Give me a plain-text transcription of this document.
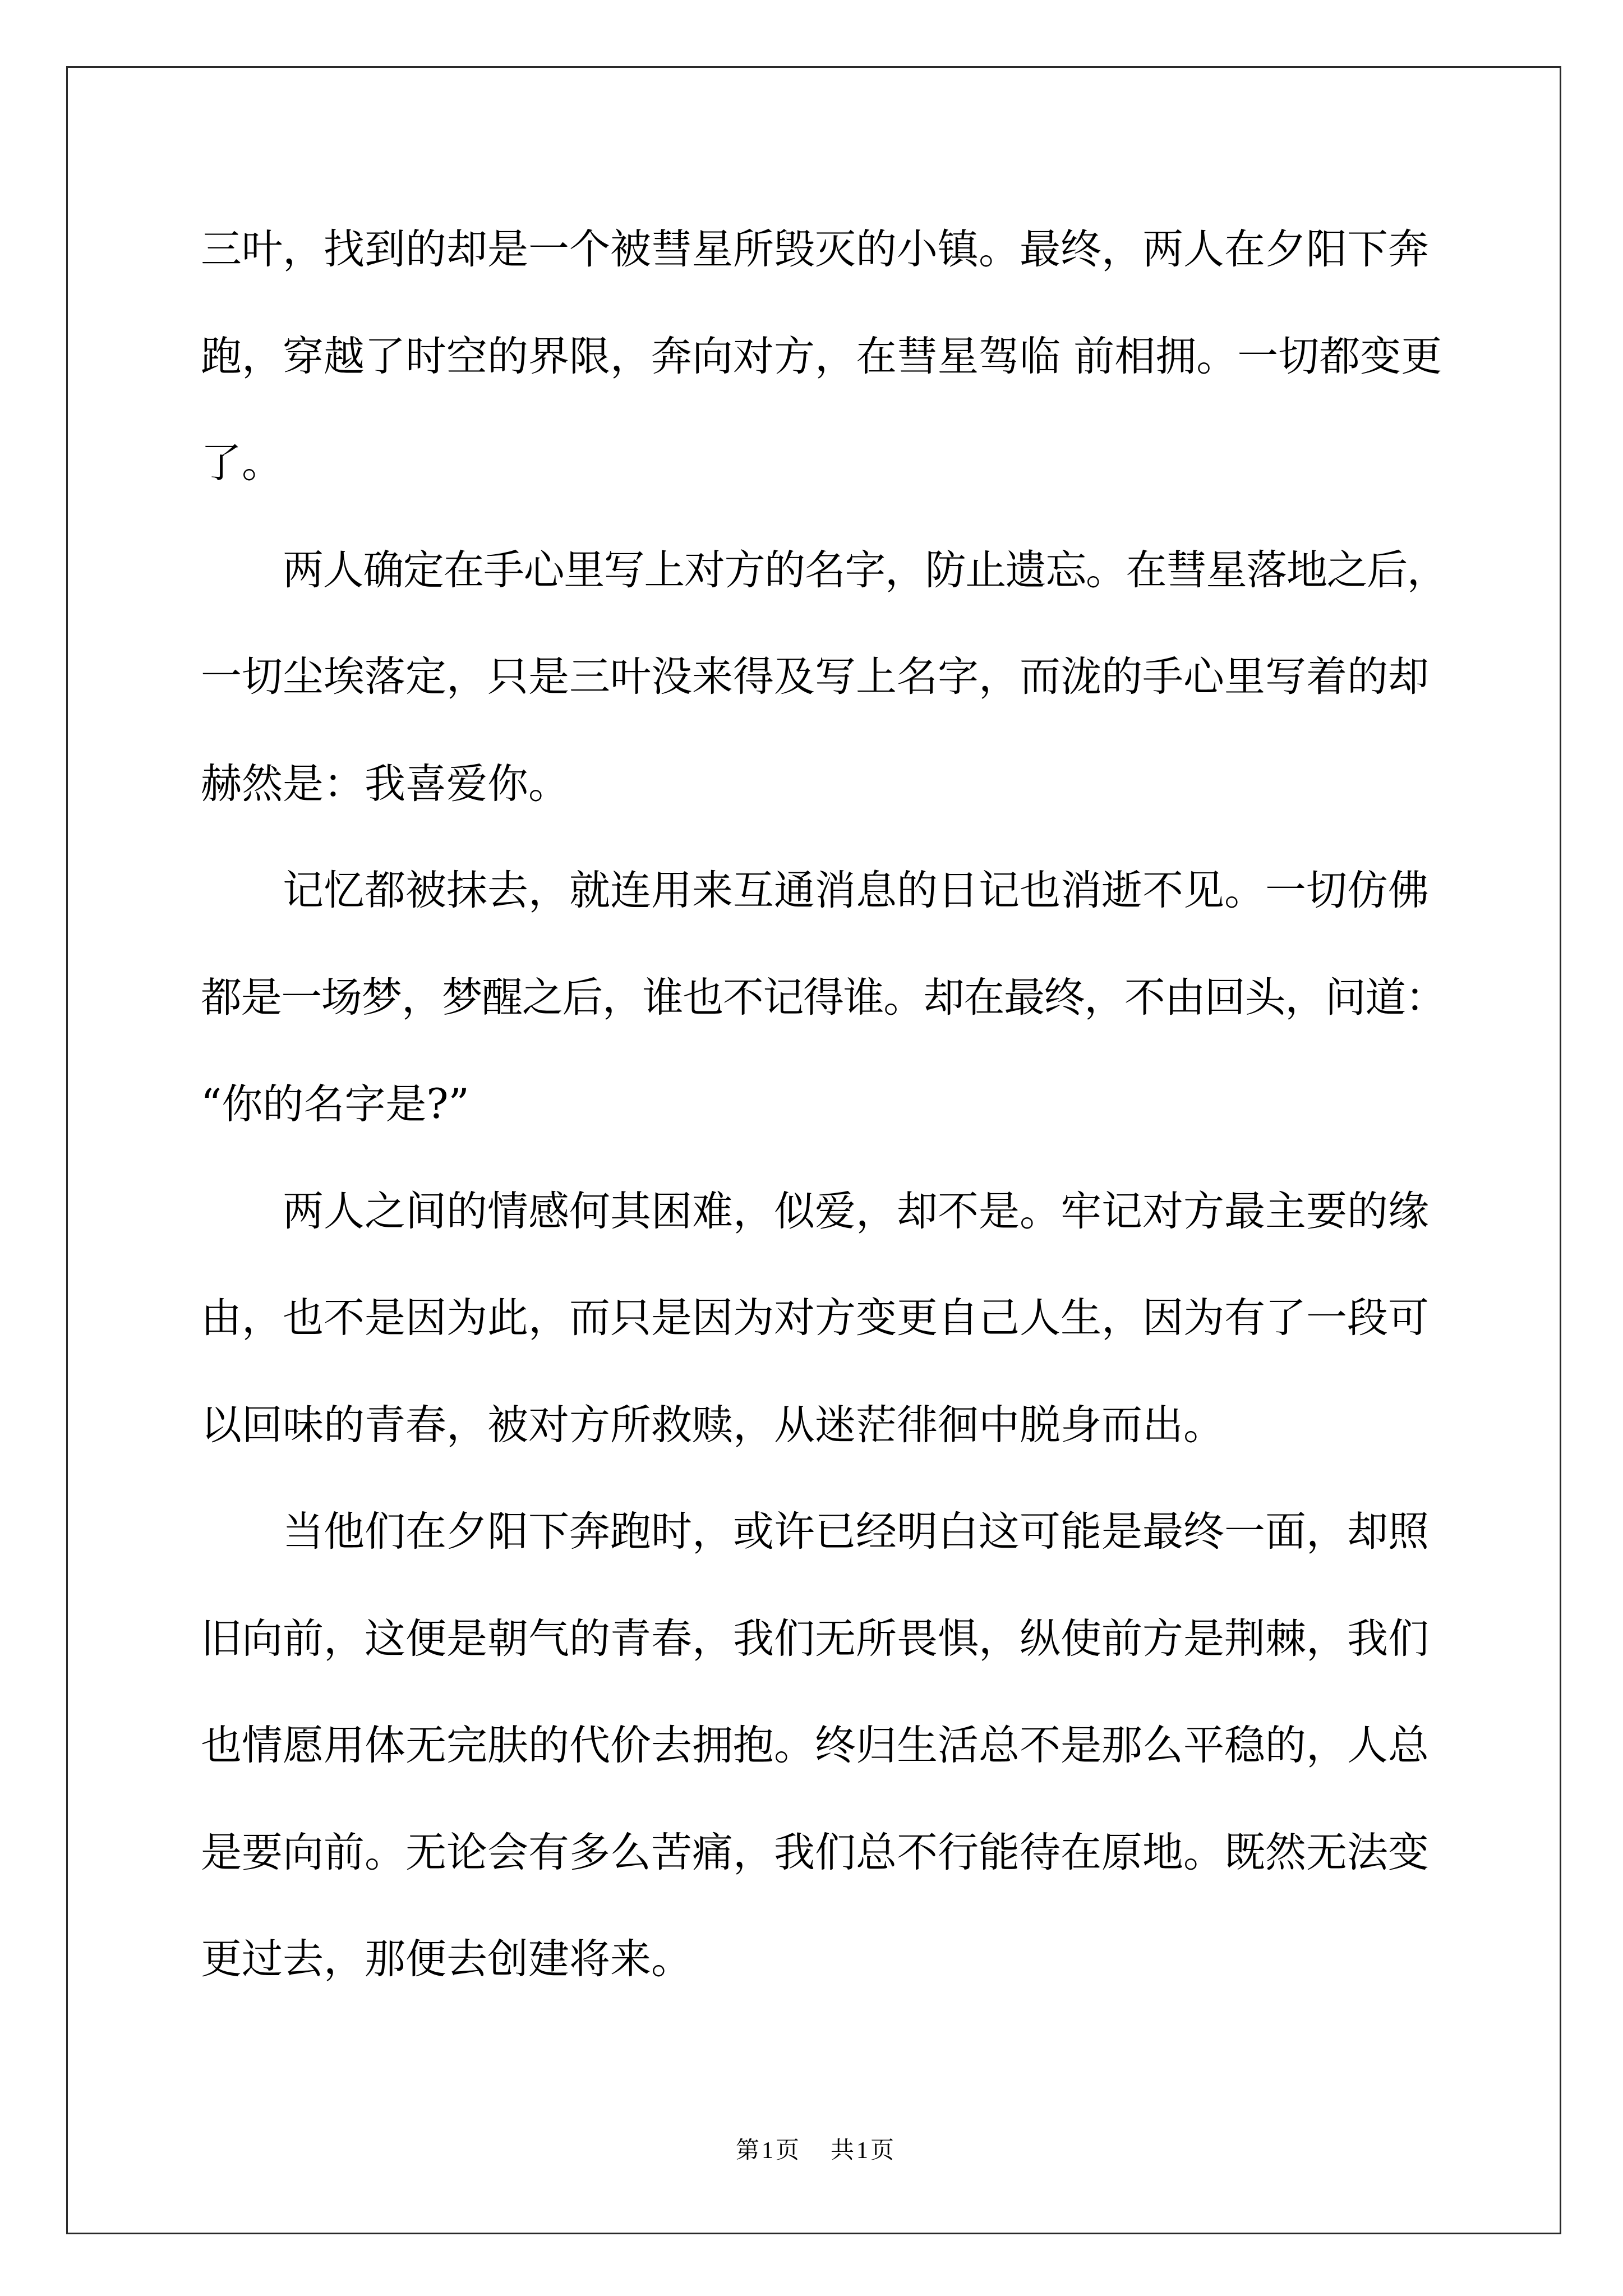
三叶，找到的却是一个被彗星所毁灭的小镇。最终，两人在夕阳下奔
跑，穿越了时空的界限，奔向对方，在彗星驾临 前相拥。一切都变更
了。
两人确定在手心里写上对方的名字，防止遗忘。在彗星落地之后，
一切尘埃落定，只是三叶没来得及写上名字，而泷的手心里写着的却
赫然是：我喜爱你。
记忆都被抹去，就连用来互通消息的日记也消逝不见。一切仿佛
都是一场梦，梦醒之后，谁也不记得谁。却在最终，不由回头，问道：
“你的名字是?”
两人之间的情感何其困难，似爱，却不是。牢记对方最主要的缘
由，也不是因为此，而只是因为对方变更自己人生，因为有了一段可
以回味的青春，被对方所救赎，从迷茫徘徊中脱身而出。
当他们在夕阳下奔跑时，或许已经明白这可能是最终一面，却照
旧向前，这便是朝气的青春，我们无所畏惧，纵使前方是荆棘，我们
也情愿用体无完肤的代价去拥抱。终归生活总不是那么平稳的，人总
是要向前。无论会有多么苦痛，我们总不行能待在原地。既然无法变
更过去，那便去创建将来。
第1页 共1页
